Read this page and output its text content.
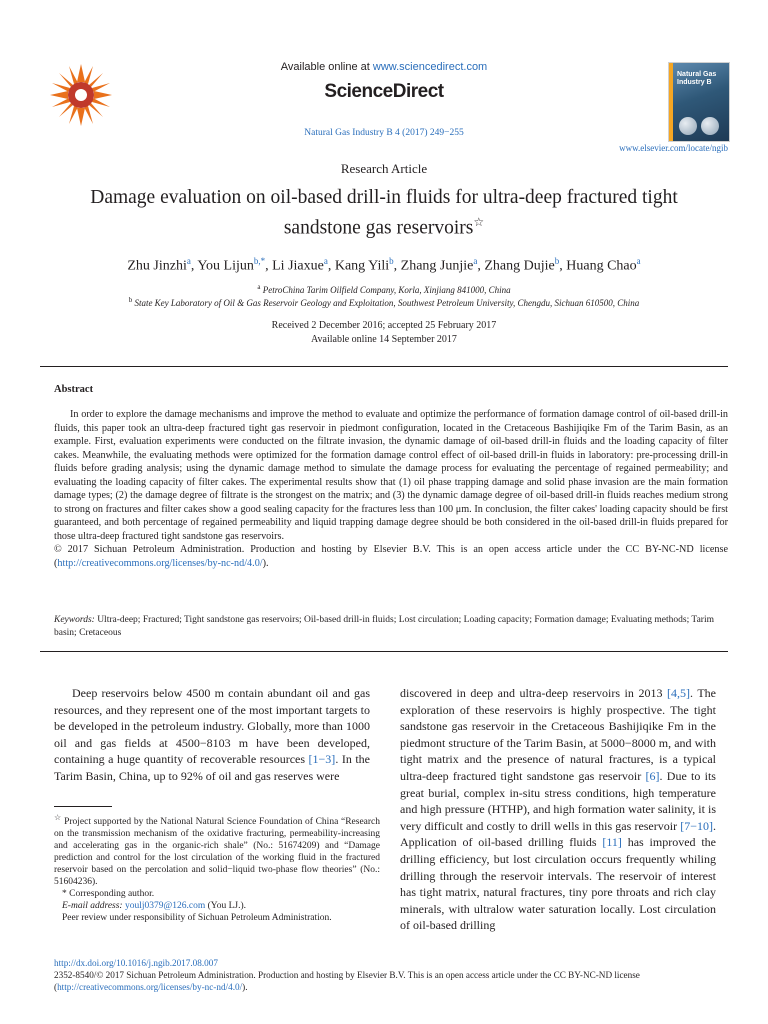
Available online at www.sciencedirect.com
ScienceDirect
Natural Gas Industry B 4 (2017) 249−255
Natural Gas Industry B
www.elsevier.com/locate/ngib
Research Article
Damage evaluation on oil-based drill-in fluids for ultra-deep fractured tight
sandstone gas reservoirs☆
Zhu Jinzhi$^a$, You Lijun$^{b,*}$, Li Jiaxue$^a$, Kang Yili$^b$, Zhang Junjie$^a$, Zhang Dujie$^b$, Huang Chao$^a$
$^a$ PetroChina Tarim Oilfield Company, Korla, Xinjiang 841000, China
$^b$ State Key Laboratory of Oil & Gas Reservoir Geology and Exploitation, Southwest Petroleum University, Chengdu, Sichuan 610500, China
Received 2 December 2016; accepted 25 February 2017
Available online 14 September 2017
Abstract

In order to explore the damage mechanisms and improve the method to evaluate and optimize the performance of formation damage control of oil-based drill-in fluids, this paper took an ultra-deep fractured tight gas reservoir in piedmont configuration, located in the Cretaceous Bashijiqike Fm of the Tarim Basin, as an example. First, evaluation experiments were conducted on the filtrate invasion, the dynamic damage of oil-based drill-in fluids and the loading capacity of filter cakes. Meanwhile, the evaluating methods were optimized for the formation damage control effect of oil-based drill-in fluids in laboratory: pre-processing drill-in fluids before grading analysis; using the dynamic damage method to simulate the damage process for evaluating the percentage of regained permeability; and evaluating the loading capacity of filter cakes. The experimental results show that (1) oil phase trapping damage and solid phase invasion are the main formation damage types; (2) the damage degree of filtrate is the strongest on the matrix; and (3) the dynamic damage degree of oil-based drill-in fluids reaches medium strong to strong on fractures and filter cakes show a good sealing capacity for the fractures less than 100 μm. In conclusion, the filter cakes' loading capacity should be first guaranteed, and both percentage of regained permeability and liquid trapping damage degree should be both considered in the oil-based drill-in fluids prepared for those ultra-deep fractured tight sandstone gas reservoirs.

© 2017 Sichuan Petroleum Administration. Production and hosting by Elsevier B.V. This is an open access article under the CC BY-NC-ND license (http://creativecommons.org/licenses/by-nc-nd/4.0/).

Keywords: Ultra-deep; Fractured; Tight sandstone gas reservoirs; Oil-based drill-in fluids; Lost circulation; Loading capacity; Formation damage; Evaluating methods; Tarim basin; Cretaceous

Deep reservoirs below 4500 m contain abundant oil and gas resources, and they represent one of the most important targets to be developed in the petroleum industry. Globally, more than 1000 oil and gas fields at 4500−8103 m have been developed, containing a huge quantity of recoverable resources [1−3]. In the Tarim Basin, China, up to 92% of oil and gas reserves were

discovered in deep and ultra-deep reservoirs in 2013 [4,5]. The exploration of these reservoirs is highly prospective. The tight sandstone gas reservoir in the Cretaceous Bashijiqike Fm in the piedmont structure of the Tarim Basin, at 5000−8000 m, and with tight matrix and the presence of natural fractures, is a typical ultra-deep fractured tight sandstone gas reservoir [6]. Due to its great burial, complex in-situ stress conditions, high temperature and high pressure (HTHP), and high formation water salinity, it is very difficult and costly to drill wells in this gas reservoir [7−10]. Application of oil-based drilling fluids [11] has improved the drilling efficiency, but lost circulation occurs frequently whiling drilling through the reservoir intervals. The reservoir of interest has tight matrix, natural fractures, tiny pore throats and rich clay minerals, with ultralow water saturation locally. Lost circulation of oil-based drilling

☆ Project supported by the National Natural Science Foundation of China “Research on the transmission mechanism of the oxidative fracturing, permeability-increasing and accelerating gas in the organic-rich shale” (No.: 51674209) and “Damage prediction and control for the lost circulation of the working fluid in the fractured reservoir based on the percolation and solid−liquid two-phase flow theories” (No.: 51604236).

* Corresponding author.

E-mail address: youlj0379@126.com (You LJ.).

Peer review under responsibility of Sichuan Petroleum Administration.

http://dx.doi.org/10.1016/j.ngib.2017.08.007

2352-8540/© 2017 Sichuan Petroleum Administration. Production and hosting by Elsevier B.V. This is an open access article under the CC BY-NC-ND license

(http://creativecommons.org/licenses/by-nc-nd/4.0/).
